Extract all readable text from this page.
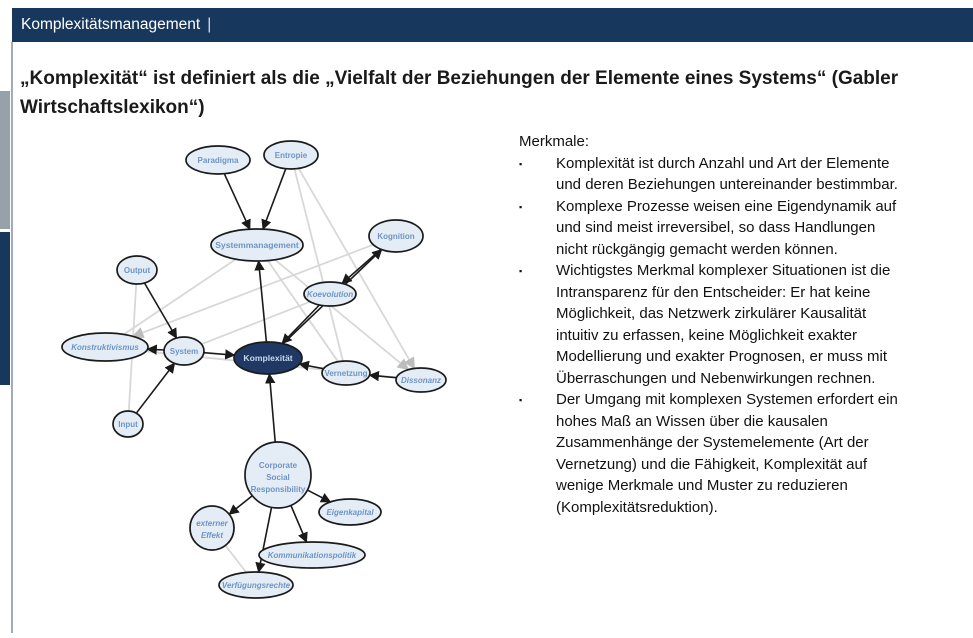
Komplexitätsmanagement |
„Komplexität“ ist definiert als die „Vielfalt der Beziehungen der Elemente eines Systems“ (Gabler Wirtschaftslexikon“)
Paradigma
Entropie
Systemmanagement
Kognition
Output
Koevolution
Konstruktivismus	System
Komplexität
Vernetzung
Dissonanz
Input
Corporate
Social
Responsibility
externer
Effekt
Eigenkapital
Kommunikationspolitik
Verfügungsrechte

Merkmale:

▪	Komplexität ist durch Anzahl und Art der Elemente und deren Beziehungen untereinander bestimmbar.
▪	Komplexe Prozesse weisen eine Eigendynamik auf und sind meist irreversibel, so dass Handlungen nicht rückgängig gemacht werden können.
▪	Wichtigstes Merkmal komplexer Situationen ist die Intransparenz für den Entscheider: Er hat keine Möglichkeit, das Netzwerk zirkulärer Kausalität intuitiv zu erfassen, keine Möglichkeit exakter Modellierung und exakter Prognosen, er muss mit Überraschungen und Nebenwirkungen rechnen.
▪	Der Umgang mit komplexen Systemen erfordert ein hohes Maß an Wissen über die kausalen Zusammenhänge der Systemelemente (Art der Vernetzung) und die Fähigkeit, Komplexität auf wenige Merkmale und Muster zu reduzieren (Komplexitätsreduktion).
